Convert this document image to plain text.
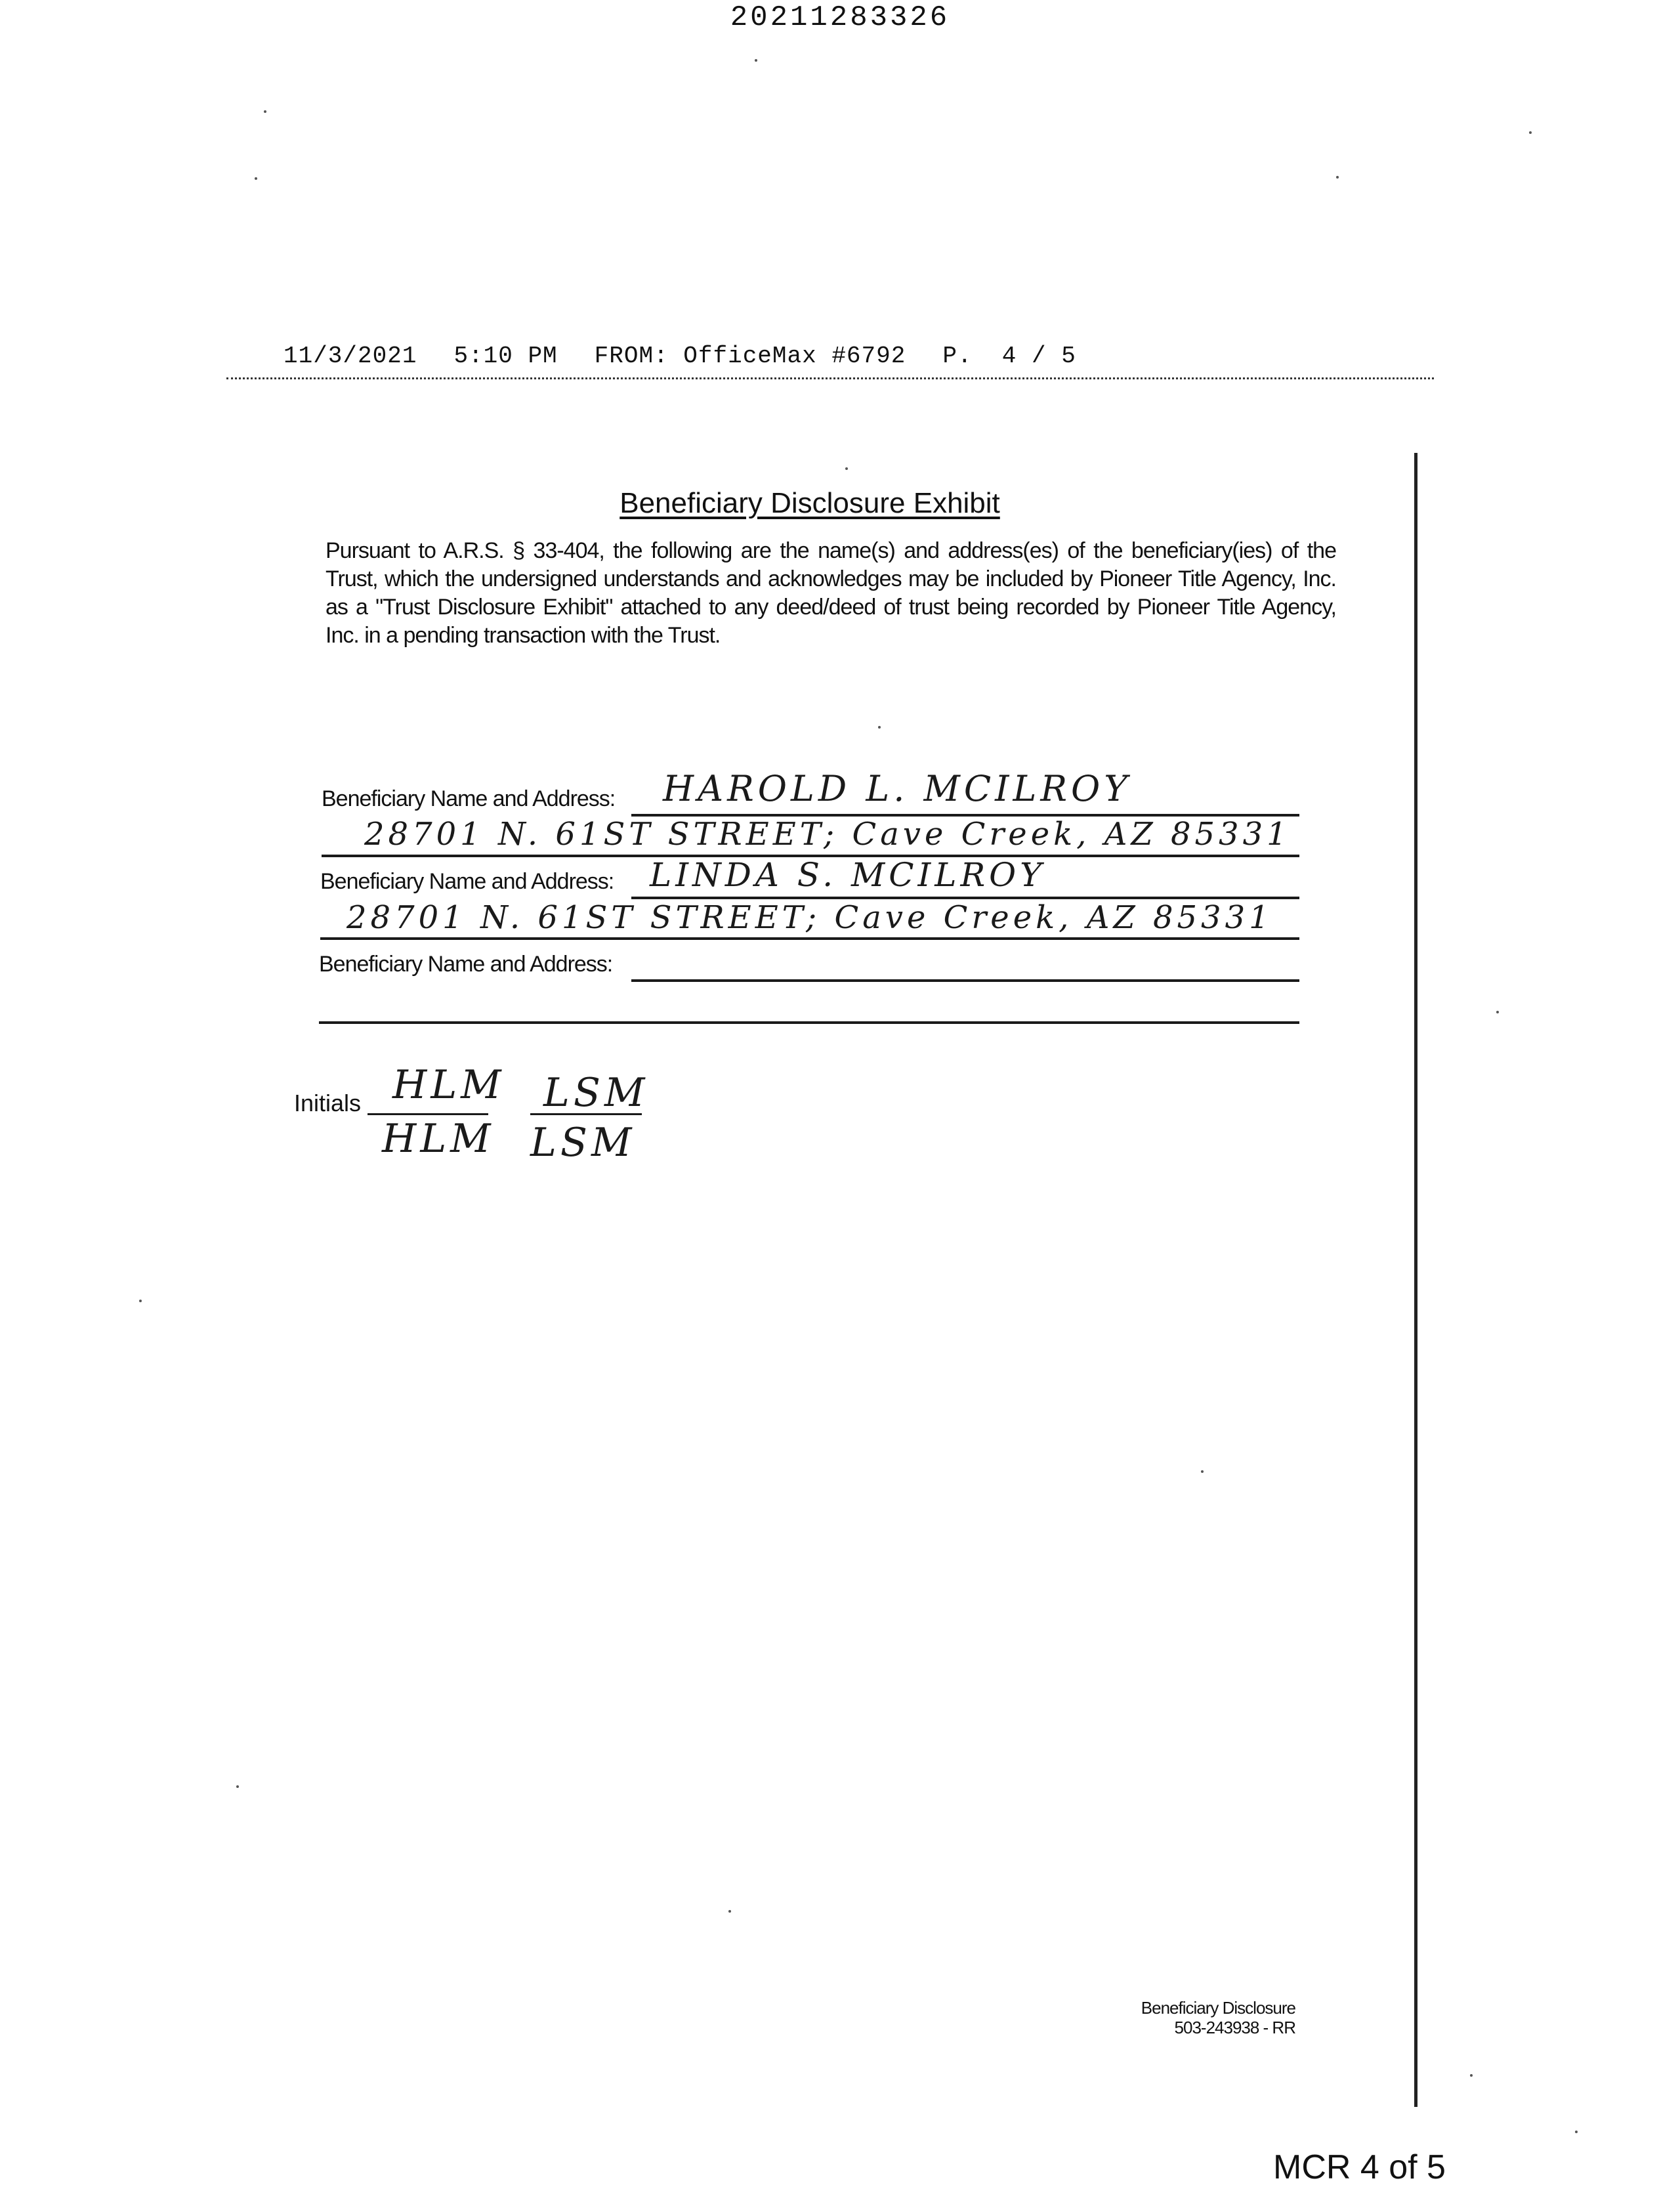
20211283326
11/3/2021 5:10 PM FROM: OfficeMax #6792 P.  4 / 5
Beneficiary Disclosure Exhibit
Pursuant to A.R.S. § 33-404, the following are the name(s) and address(es) of the beneficiary(ies) of the Trust, which the undersigned understands and acknowledges may be included by Pioneer Title Agency, Inc. as a "Trust Disclosure Exhibit" attached to any deed/deed of trust being recorded by Pioneer Title Agency, Inc. in a pending transaction with the Trust.
Beneficiary Name and Address: HAROLD L. MCILROY
28701 N. 61ST STREET; Cave Creek, AZ 85331
Beneficiary Name and Address: LINDA S. MCILROY
28701 N. 61ST STREET; Cave Creek, AZ 85331
Beneficiary Name and Address:
Initials HLM LSM
HLM LSM
Beneficiary Disclosure
503-243938 - RR
MCR 4 of 5
